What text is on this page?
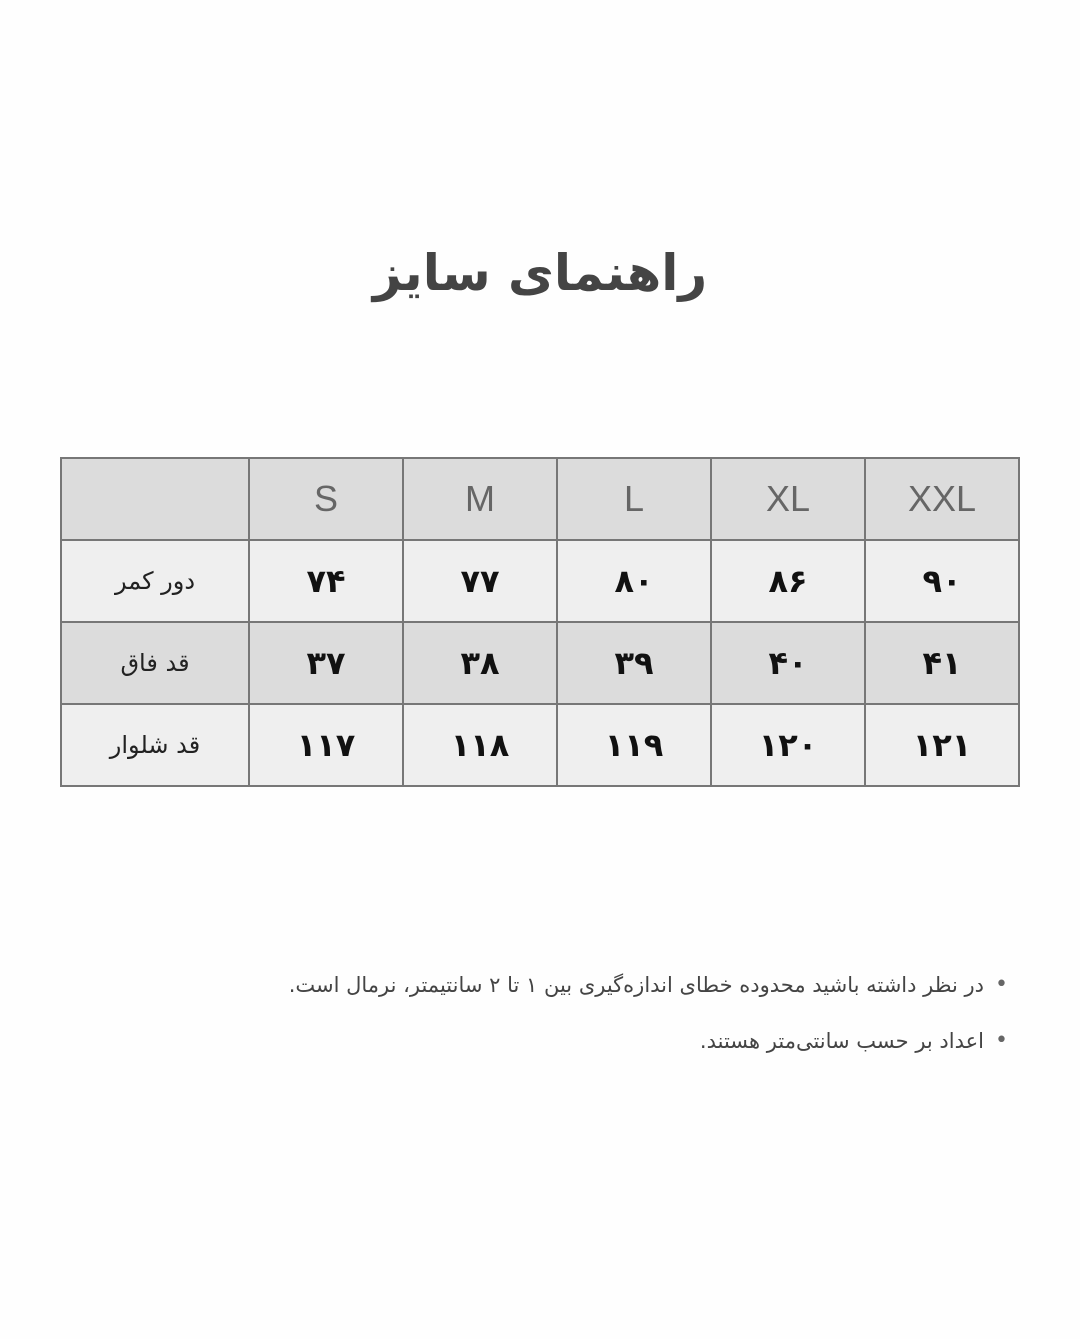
راهنمای سایز
	S	M	L	XL	XXL
دور کمر	۷۴	۷۷	۸۰	۸۶	۹۰
قد فاق	۳۷	۳۸	۳۹	۴۰	۴۱
قد شلوار	۱۱۷	۱۱۸	۱۱۹	۱۲۰	۱۲۱
•
در نظر داشته باشید محدوده خطای اندازه‌گیری بین ۱ تا ۲ سانتیمتر، نرمال است.
•
اعداد بر حسب سانتی‌متر هستند.
